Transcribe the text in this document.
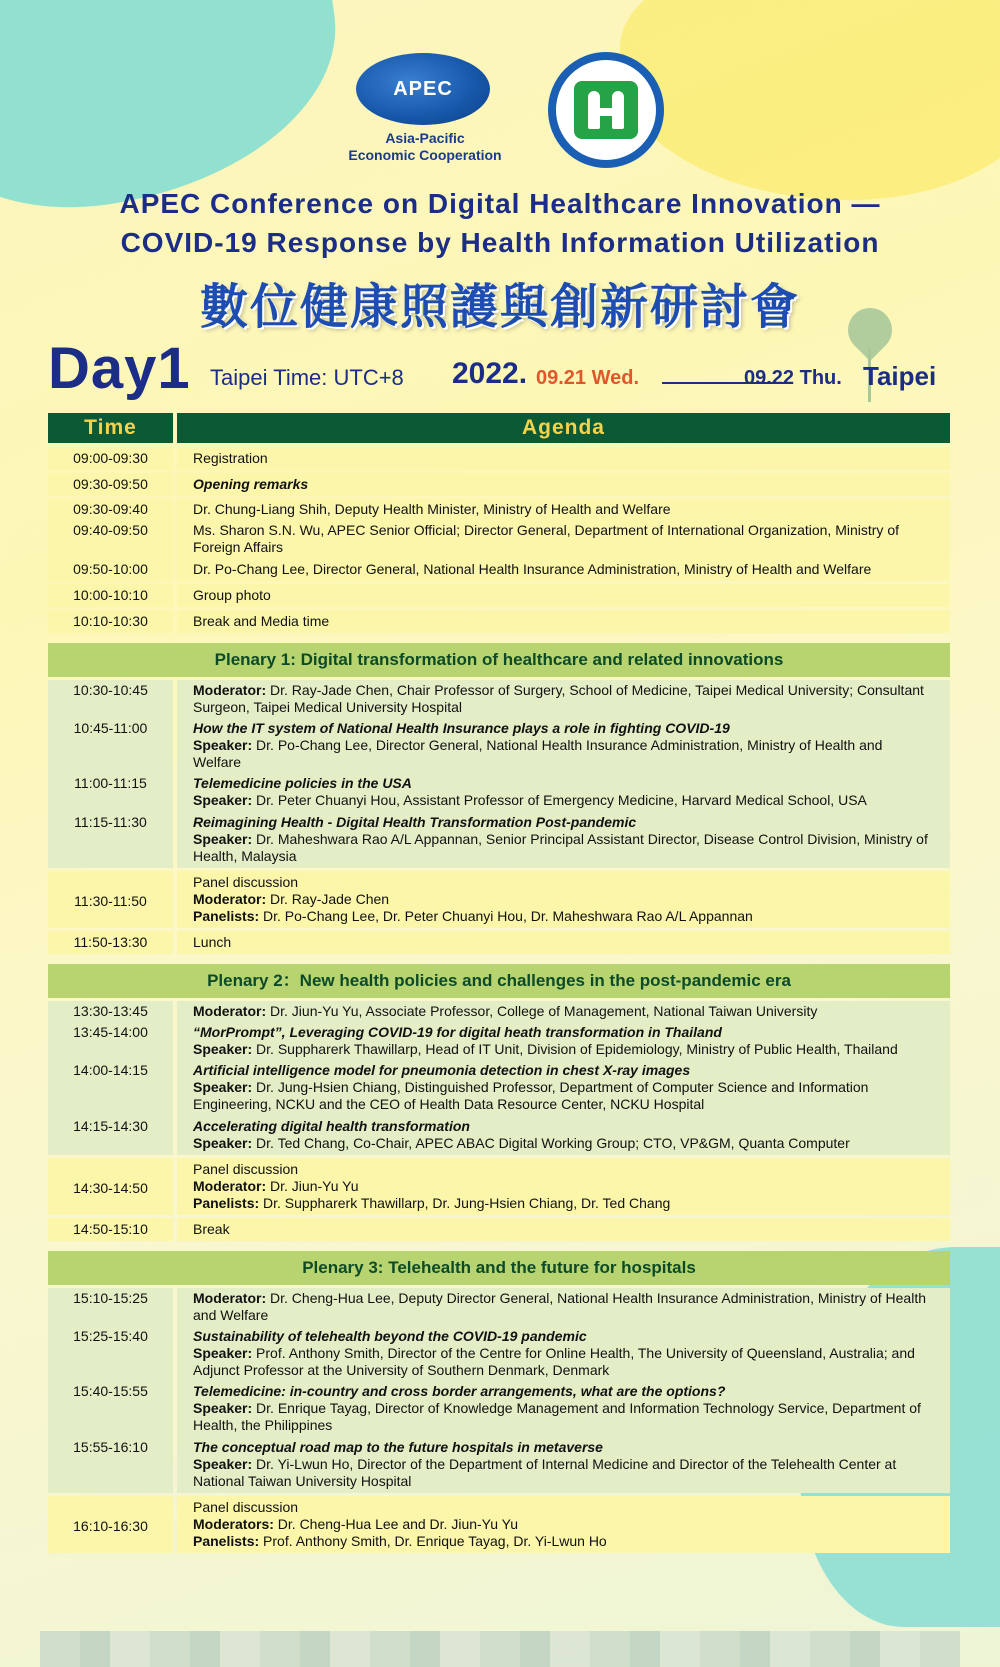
APEC
Asia-Pacific
Economic Cooperation
APEC Conference on Digital Healthcare Innovation —
COVID-19 Response by Health Information Utilization
數位健康照護與創新研討會
Day1 Taipei Time: UTC+8 2022. 09.21 Wed.	09.22 Thu. Taipei
Time	Agenda
09:00-09:30	Registration
09:30-09:50	Opening remarks
09:30-09:40	Dr. Chung-Liang Shih, Deputy Health Minister, Ministry of Health and Welfare
09:40-09:50	Ms. Sharon S.N. Wu, APEC Senior Official; Director General, Department of International Organization, Ministry of Foreign Affairs
09:50-10:00	Dr. Po-Chang Lee, Director General, National Health Insurance Administration, Ministry of Health and Welfare
10:00-10:10	Group photo
10:10-10:30	Break and Media time
Plenary 1: Digital transformation of healthcare and related innovations
10:30-10:45	Moderator: Dr. Ray-Jade Chen, Chair Professor of Surgery, School of Medicine, Taipei Medical University; Consultant Surgeon, Taipei Medical University Hospital
10:45-11:00	How the IT system of National Health Insurance plays a role in fighting COVID-19
Speaker: Dr. Po-Chang Lee, Director General, National Health Insurance Administration, Ministry of Health and Welfare
11:00-11:15	Telemedicine policies in the USA
Speaker: Dr. Peter Chuanyi Hou, Assistant Professor of Emergency Medicine, Harvard Medical School, USA
11:15-11:30	Reimagining Health - Digital Health Transformation Post-pandemic
Speaker: Dr. Maheshwara Rao A/L Appannan, Senior Principal Assistant Director, Disease Control Division, Ministry of Health, Malaysia
11:30-11:50
Panel discussion
Moderator: Dr. Ray-Jade Chen
Panelists: Dr. Po-Chang Lee, Dr. Peter Chuanyi Hou, Dr. Maheshwara Rao A/L Appannan
11:50-13:30	Lunch
Plenary 2：New health policies and challenges in the post-pandemic era
13:30-13:45	Moderator: Dr. Jiun-Yu Yu, Associate Professor, College of Management, National Taiwan University
13:45-14:00	“MorPrompt”, Leveraging COVID-19 for digital heath transformation in Thailand
Speaker: Dr. Suppharerk Thawillarp, Head of IT Unit, Division of Epidemiology, Ministry of Public Health, Thailand
14:00-14:15	Artificial intelligence model for pneumonia detection in chest X-ray images
Speaker: Dr. Jung-Hsien Chiang, Distinguished Professor, Department of Computer Science and Information Engineering, NCKU and the CEO of Health Data Resource Center, NCKU Hospital
14:15-14:30	Accelerating digital health transformation
Speaker: Dr. Ted Chang, Co-Chair, APEC ABAC Digital Working Group; CTO, VP&GM, Quanta Computer
14:30-14:50
Panel discussion
Moderator: Dr. Jiun-Yu Yu
Panelists: Dr. Suppharerk Thawillarp, Dr. Jung-Hsien Chiang, Dr. Ted Chang
14:50-15:10	Break
Plenary 3: Telehealth and the future for hospitals
15:10-15:25	Moderator: Dr. Cheng-Hua Lee, Deputy Director General, National Health Insurance Administration, Ministry of Health and Welfare
15:25-15:40	Sustainability of telehealth beyond the COVID-19 pandemic
Speaker: Prof. Anthony Smith, Director of the Centre for Online Health, The University of Queensland, Australia; and Adjunct Professor at the University of Southern Denmark, Denmark
15:40-15:55	Telemedicine: in-country and cross border arrangements, what are the options?
Speaker: Dr. Enrique Tayag, Director of Knowledge Management and Information Technology Service, Department of Health, the Philippines
15:55-16:10	The conceptual road map to the future hospitals in metaverse
Speaker: Dr. Yi-Lwun Ho, Director of the Department of Internal Medicine and Director of the Telehealth Center at National Taiwan University Hospital
16:10-16:30
Panel discussion
Moderators: Dr. Cheng-Hua Lee and Dr. Jiun-Yu Yu
Panelists: Prof. Anthony Smith, Dr. Enrique Tayag, Dr. Yi-Lwun Ho
